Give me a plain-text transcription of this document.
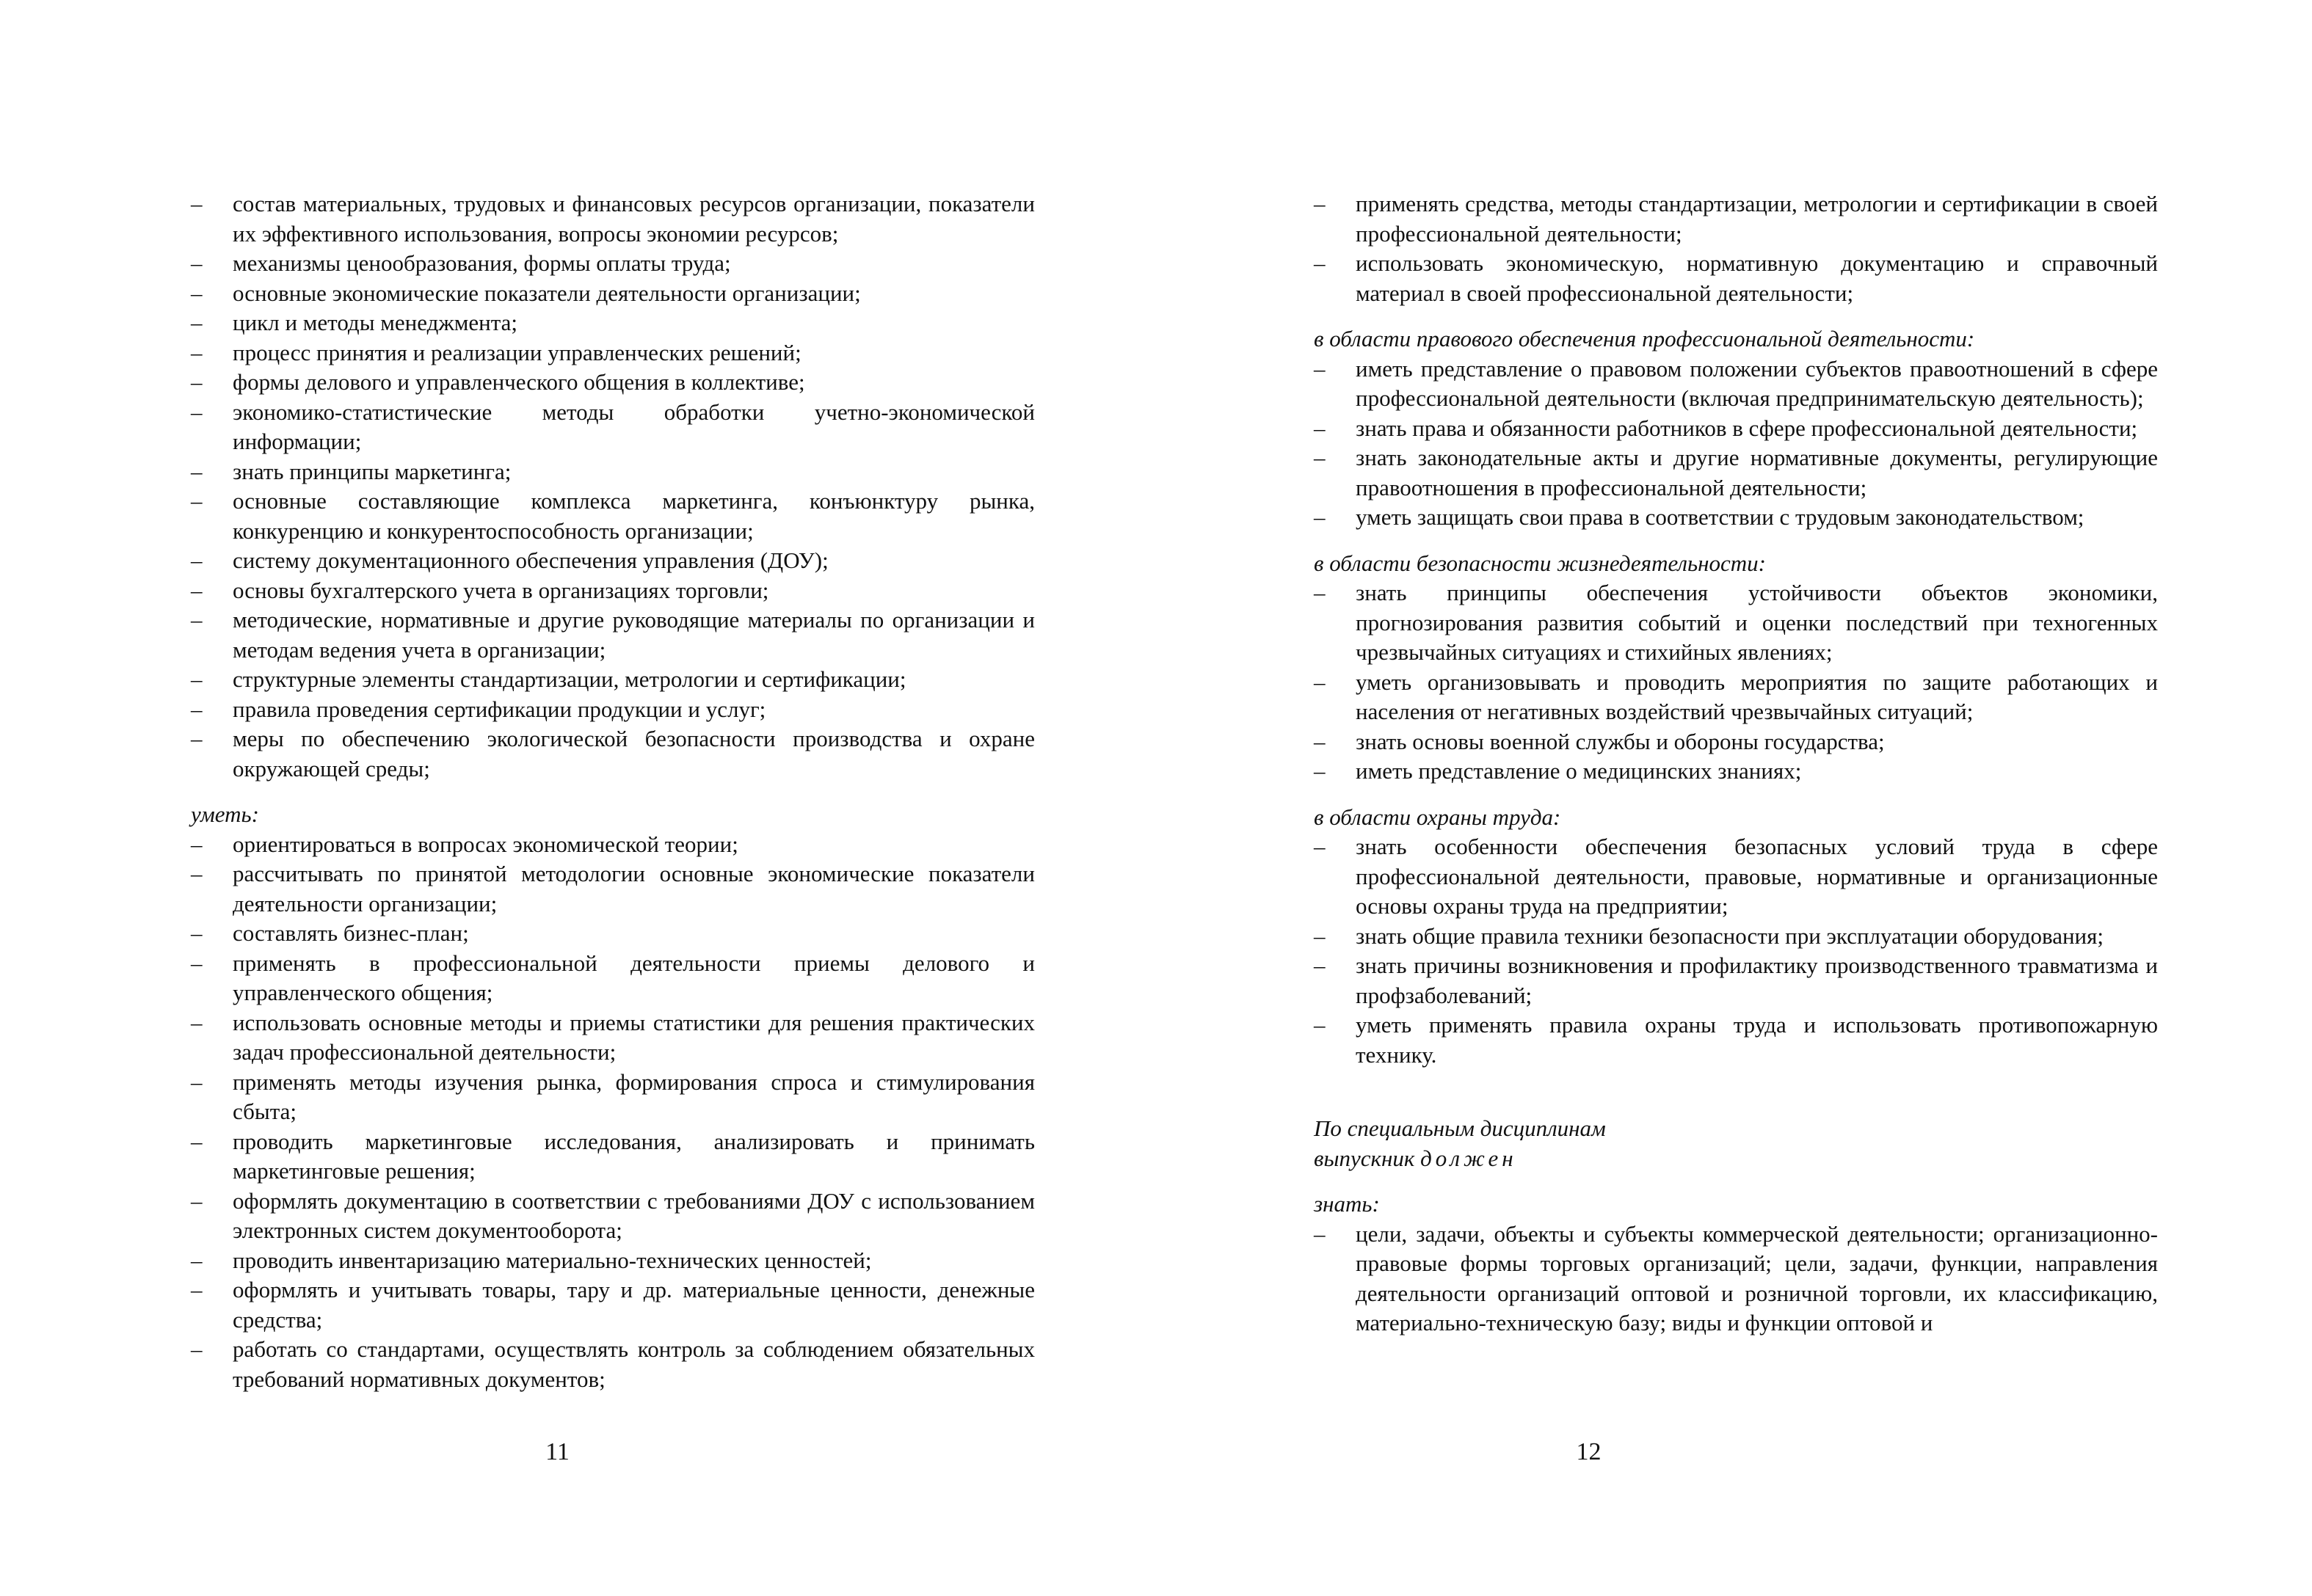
– состав материальных, трудовых и финансовых ресурсов организации, показатели их эффективного использования, вопросы экономии ресурсов;
– механизмы ценообразования, формы оплаты труда;
– основные экономические показатели деятельности организации;
– цикл и методы менеджмента;
– процесс принятия и реализации управленческих решений;
– формы делового и управленческого общения в коллективе;
– экономико-статистические методы обработки учетно-экономической информации;
– знать принципы маркетинга;
– основные составляющие комплекса маркетинга, конъюнктуру рынка, конкуренцию и конкурентоспособность организации;
– систему документационного обеспечения управления (ДОУ);
– основы бухгалтерского учета в организациях торговли;
– методические, нормативные и другие руководящие материалы по организации и методам ведения учета в организации;
– структурные элементы стандартизации, метрологии и сертификации;
– правила проведения сертификации продукции и услуг;
– меры по обеспечению экологической безопасности производства и охране окружающей среды;

уметь:

– ориентироваться в вопросах экономической теории;
– рассчитывать по принятой методологии основные экономические показатели деятельности организации;
– составлять бизнес-план;
– применять в профессиональной деятельности приемы делового и управленческого общения;
– использовать основные методы и приемы статистики для решения практических задач профессиональной деятельности;
– применять методы изучения рынка, формирования спроса и стимулирования сбыта;
– проводить маркетинговые исследования, анализировать и принимать маркетинговые решения;
– оформлять документацию в соответствии с требованиями ДОУ с использованием электронных систем документооборота;
– проводить инвентаризацию материально-технических ценностей;
– оформлять и учитывать товары, тару и др. материальные ценности, денежные средства;
– работать со стандартами, осуществлять контроль за соблюдением обязательных требований нормативных документов;
11
– применять средства, методы стандартизации, метрологии и сертификации в своей профессиональной деятельности;
– использовать экономическую, нормативную документацию и справочный материал в своей профессиональной деятельности;

в области правового обеспечения профессиональной деятельности:

– иметь представление о правовом положении субъектов правоотношений в сфере профессиональной деятельности (включая предпринимательскую деятельность);
– знать права и обязанности работников в сфере профессиональной деятельности;
– знать законодательные акты и другие нормативные документы, регулирующие правоотношения в профессиональной деятельности;
– уметь защищать свои права в соответствии с трудовым законодательством;

в области безопасности жизнедеятельности:

– знать принципы обеспечения устойчивости объектов экономики, прогнозирования развития событий и оценки последствий при техногенных чрезвычайных ситуациях и стихийных явлениях;
– уметь организовывать и проводить мероприятия по защите работающих и населения от негативных воздействий чрезвычайных ситуаций;
– знать основы военной службы и обороны государства;
– иметь представление о медицинских знаниях;

в области охраны труда:

– знать особенности обеспечения безопасных условий труда в сфере профессиональной деятельности, правовые, нормативные и организационные основы охраны труда на предприятии;
– знать общие правила техники безопасности при эксплуатации оборудования;
– знать причины возникновения и профилактику производственного травматизма и профзаболеваний;
– уметь применять правила охраны труда и использовать противопожарную технику.

По специальным дисциплинам

выпускник должен

знать:

– цели, задачи, объекты и субъекты коммерческой деятельности; организационно-правовые формы торговых организаций; цели, задачи, функции, направления деятельности организаций оптовой и розничной торговли, их классификацию, материально-техническую базу; виды и функции оптовой и
12
